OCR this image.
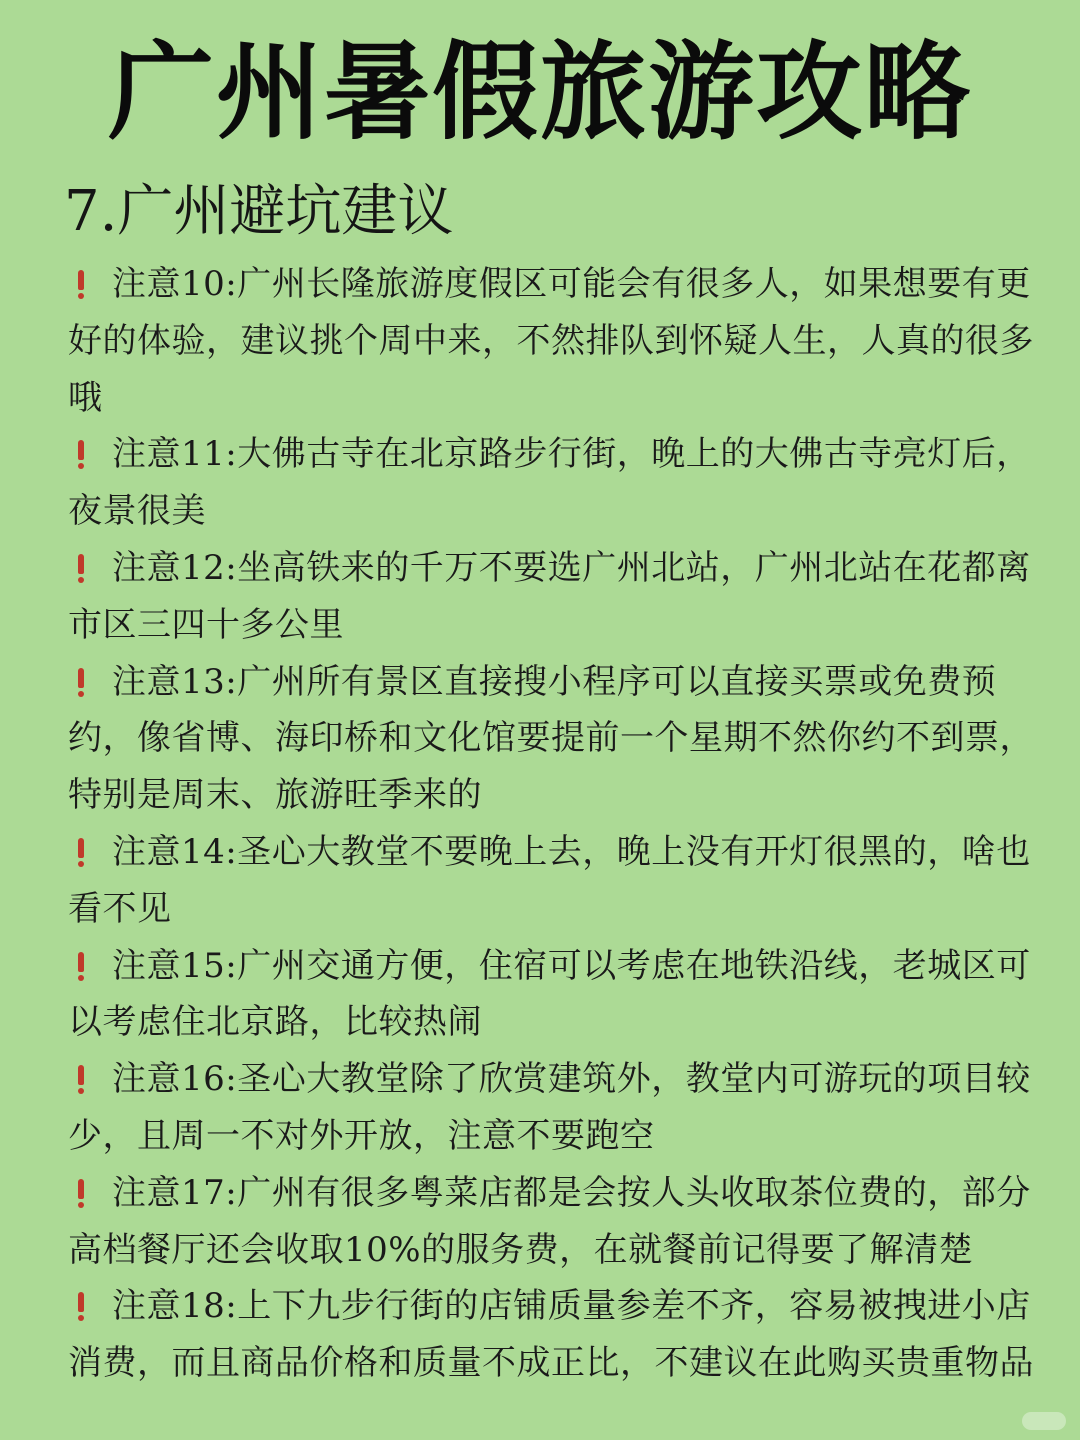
广州暑假旅游攻略
7.广州避坑建议

注意10:广州长隆旅游度假区可能会有很多人，如果想要有更好的体验，建议挑个周中来，不然排队到怀疑人生，人真的很多哦

注意11:大佛古寺在北京路步行街，晚上的大佛古寺亮灯后，夜景很美

注意12:坐高铁来的千万不要选广州北站，广州北站在花都离市区三四十多公里

注意13:广州所有景区直接搜小程序可以直接买票或免费预约，像省博、海印桥和文化馆要提前一个星期不然你约不到票，特别是周末、旅游旺季来的

注意14:圣心大教堂不要晚上去，晚上没有开灯很黑的，啥也看不见

注意15:广州交通方便，住宿可以考虑在地铁沿线，老城区可以考虑住北京路，比较热闹

注意16:圣心大教堂除了欣赏建筑外，教堂内可游玩的项目较少，且周一不对外开放，注意不要跑空

注意17:广州有很多粤菜店都是会按人头收取茶位费的，部分高档餐厅还会收取10%的服务费，在就餐前记得要了解清楚

注意18:上下九步行街的店铺质量参差不齐，容易被拽进小店消费，而且商品价格和质量不成正比，不建议在此购买贵重物品
